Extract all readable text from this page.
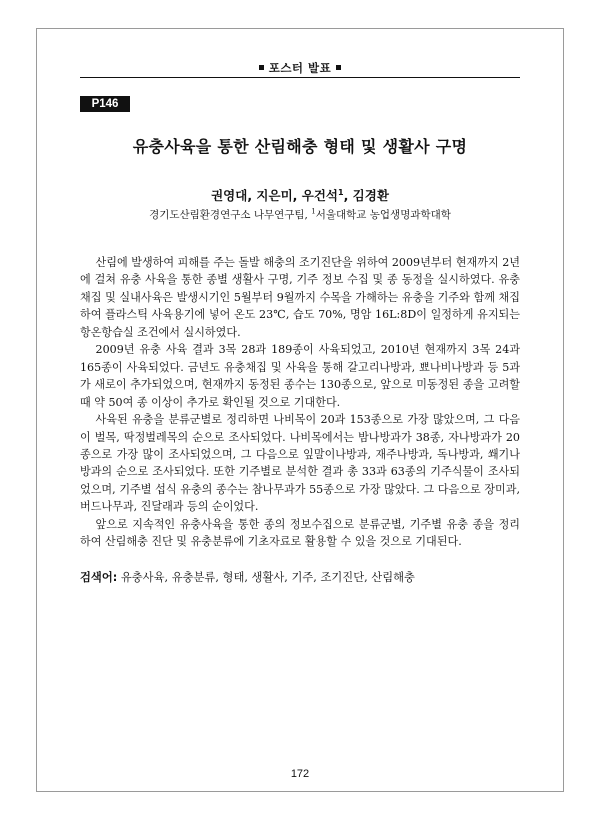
포스터 발표
P146
유충사육을 통한 산림해충 형태 및 생활사 구명
권영대, 지은미, 우건석$^1$, 김경환
경기도산림환경연구소 나무연구팀, $^1$서울대학교 농업생명과학대학

산림에 발생하여 피해를 주는 돌발 해충의 조기진단을 위하여 2009년부터 현재까지 2년에 걸쳐 유충 사육을 통한 종별 생활사 구명, 기주 정보 수집 및 종 동정을 실시하였다. 유충 채집 및 실내사육은 발생시기인 5월부터 9월까지 수목을 가해하는 유충을 기주와 함께 채집하여 플라스틱 사육용기에 넣어 온도 23℃, 습도 70%, 명암 16L:8D이 일정하게 유지되는 항온항습실 조건에서 실시하였다.

2009년 유충 사육 결과 3목 28과 189종이 사육되었고, 2010년 현재까지 3목 24과 165종이 사육되었다. 금년도 유충채집 및 사육을 통해 갈고리나방과, 뾰나비나방과 등 5과가 새로이 추가되었으며, 현재까지 동정된 종수는 130종으로, 앞으로 미동정된 종을 고려할 때 약 50여 종 이상이 추가로 확인될 것으로 기대한다.

사육된 유충을 분류군별로 정리하면 나비목이 20과 153종으로 가장 많았으며, 그 다음이 벌목, 딱정벌레목의 순으로 조사되었다. 나비목에서는 밤나방과가 38종, 자나방과가 20종으로 가장 많이 조사되었으며, 그 다음으로 잎말이나방과, 재주나방과, 독나방과, 쐐기나방과의 순으로 조사되었다. 또한 기주별로 분석한 결과 총 33과 63종의 기주식물이 조사되었으며, 기주별 섭식 유충의 종수는 참나무과가 55종으로 가장 많았다. 그 다음으로 장미과, 버드나무과, 진달래과 등의 순이었다.

앞으로 지속적인 유충사육을 통한 종의 정보수집으로 분류군별, 기주별 유충 종을 정리하여 산림해충 진단 및 유충분류에 기초자료로 활용할 수 있을 것으로 기대된다.

검색어: 유충사육, 유충분류, 형태, 생활사, 기주, 조기진단, 산림해충
172
